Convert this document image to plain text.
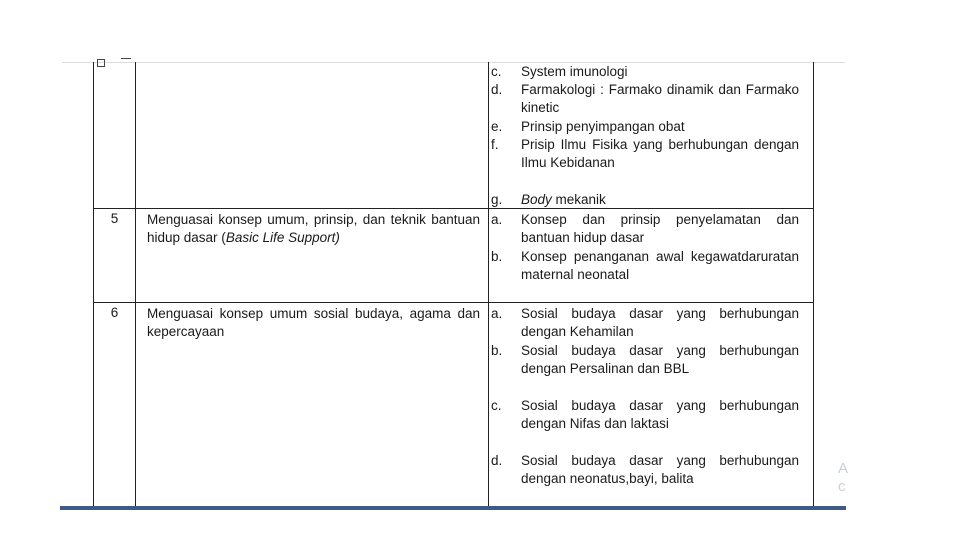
c. System imunologi
d. Farmakologi : Farmako dinamik dan Farmako kinetic
e. Prinsip penyimpangan obat
f. Prisip Ilmu Fisika yang berhubungan dengan Ilmu Kebidanan
g. Body mekanik
5	Menguasai konsep umum, prinsip, dan teknik bantuan hidup dasar (Basic Life Support)
a. Konsep dan prinsip penyelamatan dan bantuan hidup dasar
b. Konsep penanganan awal kegawatdaruratan maternal neonatal
6	Menguasai konsep umum sosial budaya, agama dan kepercayaan
a. Sosial budaya dasar yang berhubungan dengan Kehamilan
b. Sosial budaya dasar yang berhubungan dengan Persalinan dan BBL
c. Sosial budaya dasar yang berhubungan dengan Nifas dan laktasi
d. Sosial budaya dasar yang berhubungan dengan neonatus,bayi, balita
A
c
